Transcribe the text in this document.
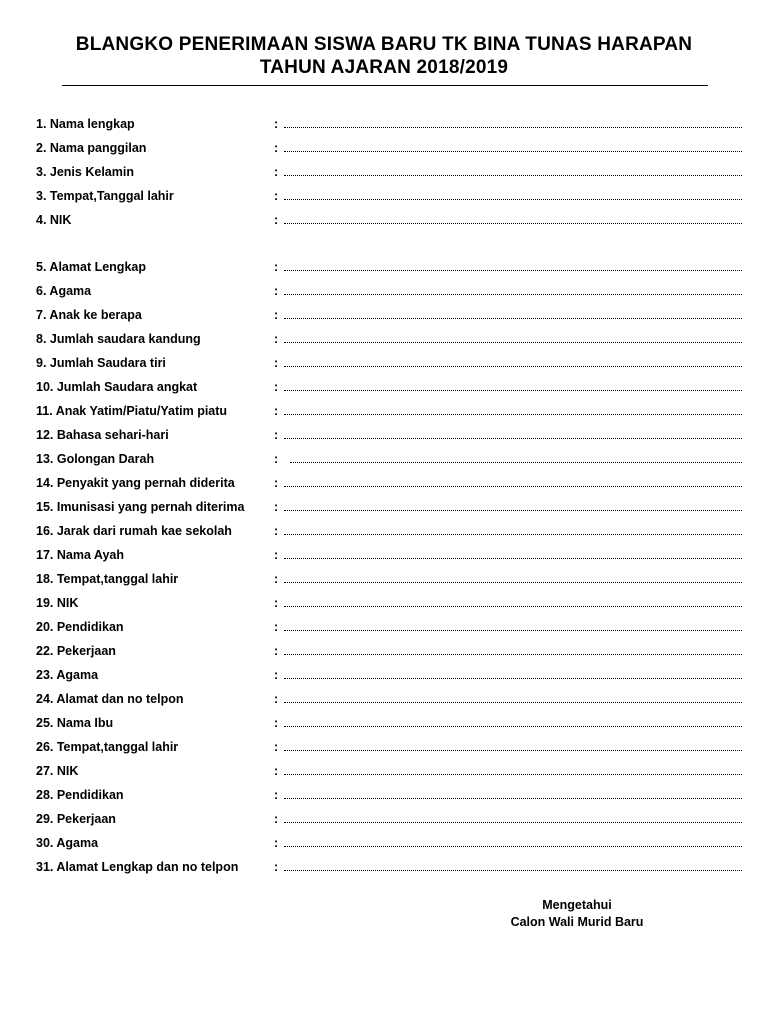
BLANGKO PENERIMAAN SISWA BARU TK BINA TUNAS HARAPAN
TAHUN AJARAN 2018/2019
1. Nama lengkap	:
2. Nama panggilan	:
3. Jenis Kelamin	:
3. Tempat,Tanggal lahir	:
4. NIK	:
5. Alamat Lengkap	:
6. Agama	:
7. Anak ke berapa	:
8. Jumlah saudara kandung	:
9. Jumlah Saudara tiri	:
10. Jumlah Saudara angkat	:
11. Anak Yatim/Piatu/Yatim piatu	:
12. Bahasa sehari-hari	:
13. Golongan Darah	:
14. Penyakit yang pernah diderita	:
15. Imunisasi yang pernah diterima :
16. Jarak dari rumah kae sekolah	:
17. Nama Ayah	:
18. Tempat,tanggal lahir	:
19. NIK	:
20. Pendidikan	:
22. Pekerjaan	:
23. Agama	:
24. Alamat dan no telpon	:
25. Nama Ibu	:
26. Tempat,tanggal lahir	:
27. NIK	:
28. Pendidikan	:
29. Pekerjaan	:
30. Agama	:
31. Alamat Lengkap dan no telpon	:
Mengetahui
Calon Wali Murid Baru
